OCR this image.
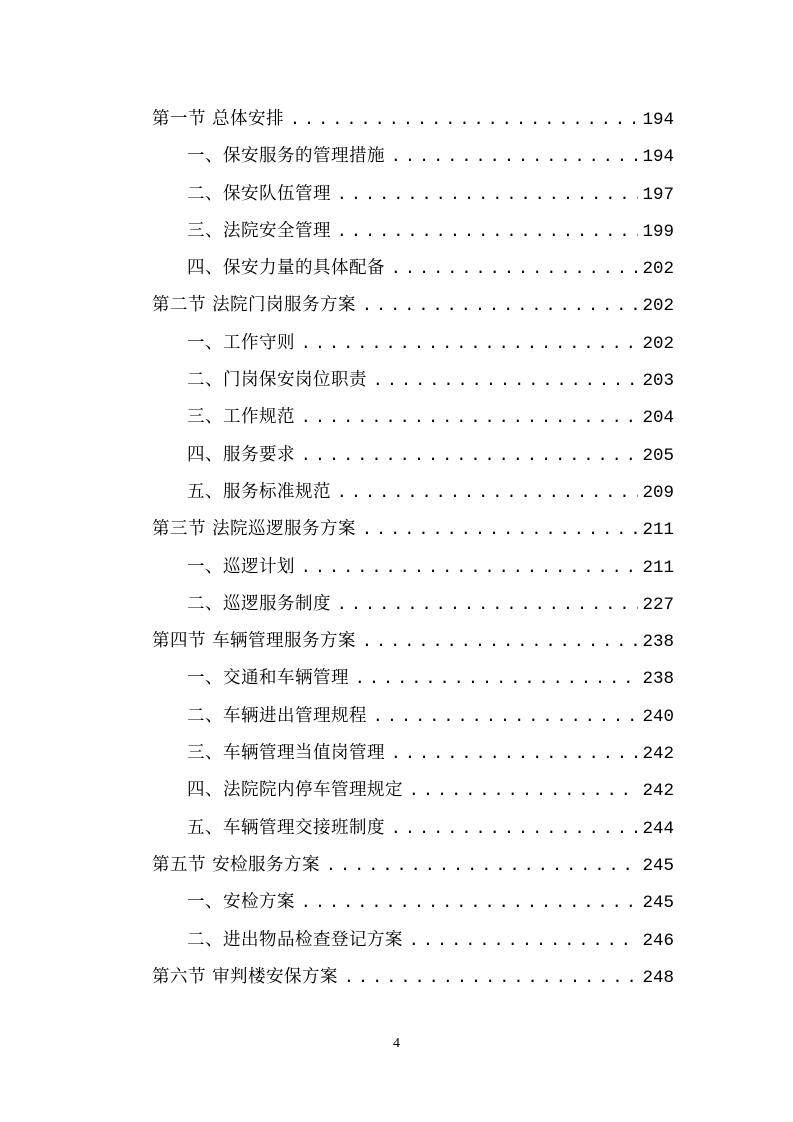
第一节 总体安排 .....	194
一、保安服务的管理措施 .....	194
二、保安队伍管理 .....	197
三、法院安全管理 .....	199
四、保安力量的具体配备 .....	202
第二节 法院门岗服务方案 .....	202
一、工作守则 .....	202
二、门岗保安岗位职责 .....	203
三、工作规范 .....	204
四、服务要求 .....	205
五、服务标准规范 .....	209
第三节 法院巡逻服务方案 .....	211
一、巡逻计划 .....	211
二、巡逻服务制度 .....	227
第四节 车辆管理服务方案 .....	238
一、交通和车辆管理 .....	238
二、车辆进出管理规程 .....	240
三、车辆管理当值岗管理 .....	242
四、法院院内停车管理规定 .....	242
五、车辆管理交接班制度 .....	244
第五节 安检服务方案 .....	245
一、安检方案 .....	245
二、进出物品检查登记方案 .....	246
第六节 审判楼安保方案 .....	248
4
